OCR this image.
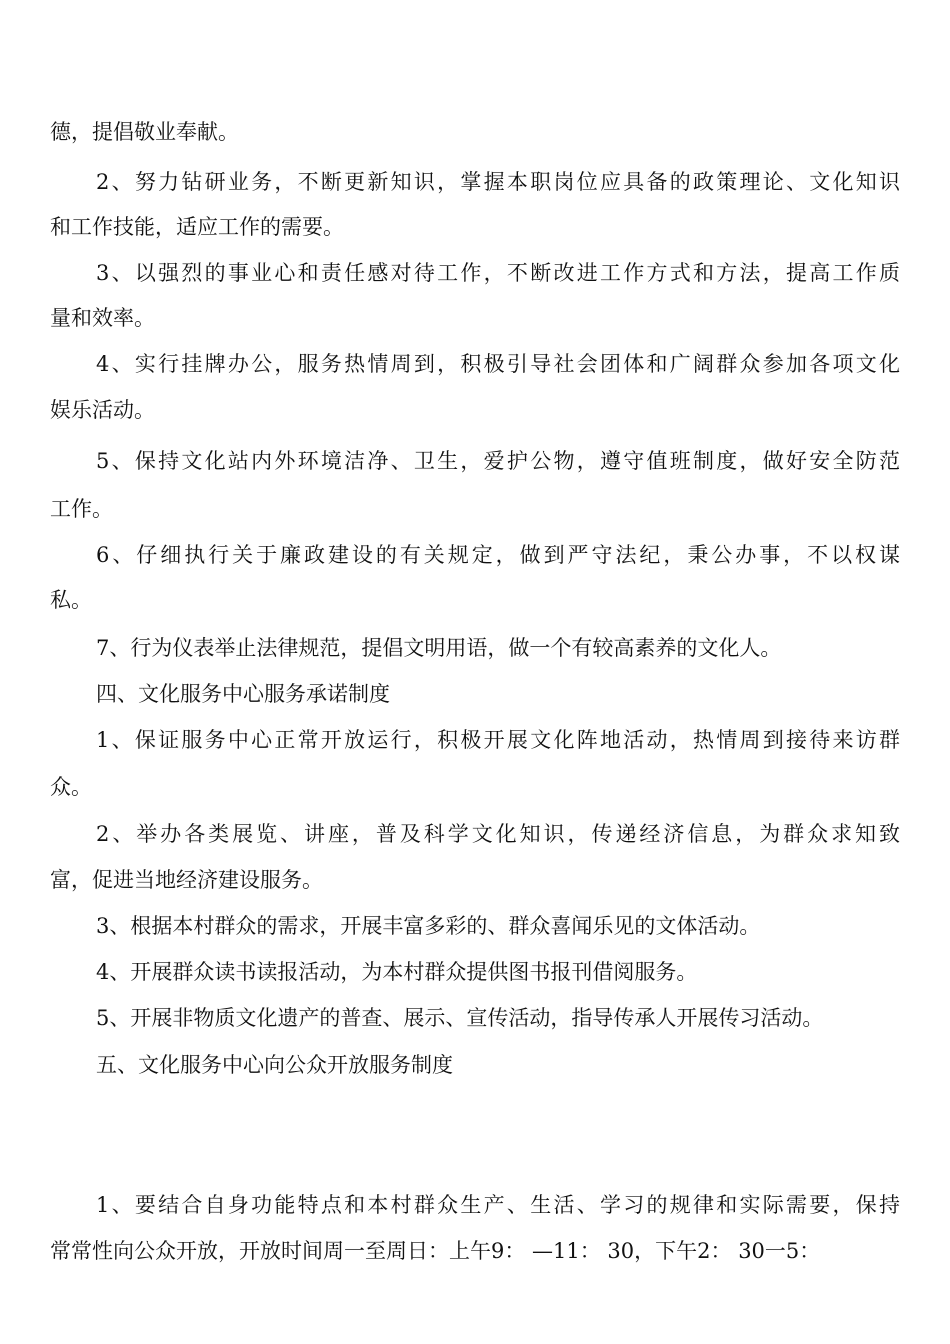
德，提倡敬业奉献。
2、努力钻研业务，不断更新知识，掌握本职岗位应具备的政策理论、文化知识
和工作技能，适应工作的需要。
3、以强烈的事业心和责任感对待工作，不断改进工作方式和方法，提高工作质
量和效率。
4、实行挂牌办公，服务热情周到，积极引导社会团体和广阔群众参加各项文化
娱乐活动。
5、保持文化站内外环境洁净、卫生，爱护公物，遵守值班制度，做好安全防范
工作。
6、仔细执行关于廉政建设的有关规定，做到严守法纪，秉公办事，不以权谋
私。
7、行为仪表举止法律规范，提倡文明用语，做一个有较高素养的文化人。
四、文化服务中心服务承诺制度
1、保证服务中心正常开放运行，积极开展文化阵地活动，热情周到接待来访群
众。
2、举办各类展览、讲座，普及科学文化知识，传递经济信息，为群众求知致
富，促进当地经济建设服务。
3、根据本村群众的需求，开展丰富多彩的、群众喜闻乐见的文体活动。
4、开展群众读书读报活动，为本村群众提供图书报刊借阅服务。
5、开展非物质文化遗产的普查、展示、宣传活动，指导传承人开展传习活动。
五、文化服务中心向公众开放服务制度
1、要结合自身功能特点和本村群众生产、生活、学习的规律和实际需要，保持
常常性向公众开放，开放时间周一至周日：上午9： —11： 30，下午2： 30一5：
